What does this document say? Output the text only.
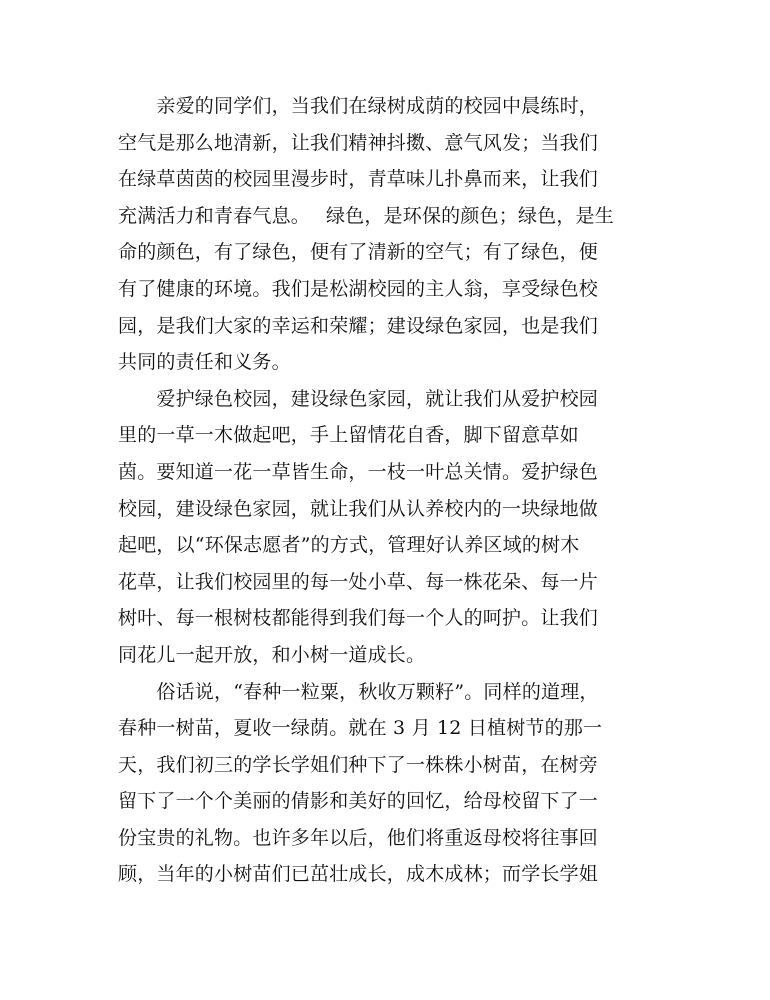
　　亲爱的同学们，当我们在绿树成荫的校园中晨练时，
空气是那么地清新，让我们精神抖擞、意气风发；当我们
在绿草茵茵的校园里漫步时，青草味儿扑鼻而来，让我们
充满活力和青春气息。　 绿色，是环保的颜色；绿色，是生
命的颜色，有了绿色，便有了清新的空气；有了绿色，便
有了健康的环境。我们是松湖校园的主人翁，享受绿色校
园，是我们大家的幸运和荣耀；建设绿色家园，也是我们
共同的责任和义务。
　　爱护绿色校园，建设绿色家园，就让我们从爱护校园
里的一草一木做起吧，手上留情花自香，脚下留意草如
茵。要知道一花一草皆生命，一枝一叶总关情。爱护绿色
校园，建设绿色家园，就让我们从认养校内的一块绿地做
起吧，以“环保志愿者”的方式，管理好认养区域的树木
花草，让我们校园里的每一处小草、每一株花朵、每一片
树叶、每一根树枝都能得到我们每一个人的呵护。让我们
同花儿一起开放，和小树一道成长。
　　俗话说，“春种一粒粟，秋收万颗籽”。同样的道理，
春种一树苗，夏收一绿荫。就在 3 月 12 日植树节的那一
天，我们初三的学长学姐们种下了一株株小树苗，在树旁
留下了一个个美丽的倩影和美好的回忆，给母校留下了一
份宝贵的礼物。也许多年以后，他们将重返母校将往事回
顾，当年的小树苗们已茁壮成长，成木成林；而学长学姐
